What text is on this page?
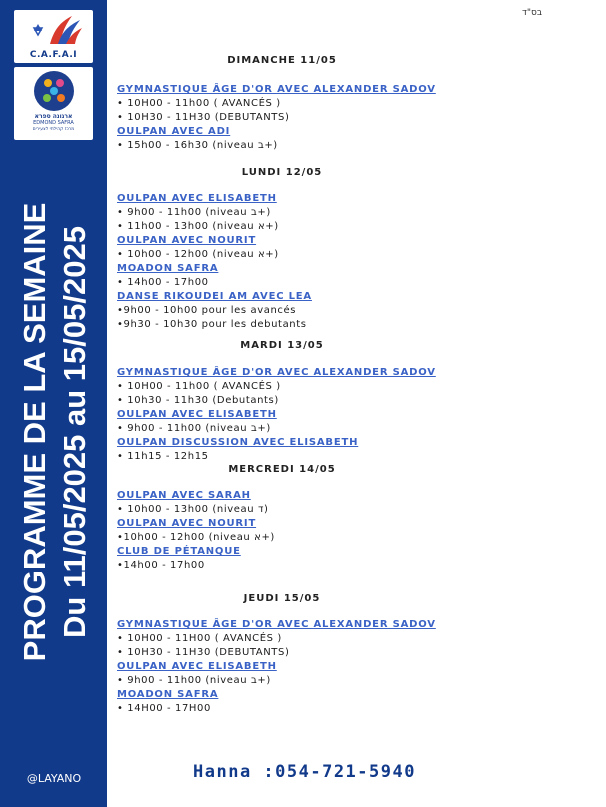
C.A.F.A.I
ארגונה ספרא
EDMOND SAFRA
מרכז קהילתי לצעירים
PROGRAMME DE LA SEMAINE Du 11/05/2025 au 15/05/2025
@LAYANO
בס"ד
DIMANCHE 11/05
GYMNASTIQUE ÂGE D'OR AVEC ALEXANDER SADOV
• 10H00 - 11h00 ( AVANCÉS )
• 10H30 - 11H30 (DEBUTANTS)
OULPAN AVEC ADI
• 15h00 - 16h30 (niveau ב+)
LUNDI 12/05
OULPAN AVEC ELISABETH
• 9h00 - 11h00 (niveau ב+)
• 11h00 - 13h00 (niveau א+)
OULPAN AVEC NOURIT
• 10h00 - 12h00 (niveau א+)
MOADON SAFRA
• 14h00 - 17h00
DANSE RIKOUDEI AM AVEC LEA
•9h00 - 10h00 pour les avancés
•9h30 - 10h30 pour les debutants
MARDI 13/05
GYMNASTIQUE ÂGE D'OR AVEC ALEXANDER SADOV
• 10H00 - 11h00 ( AVANCÉS )
• 10h30 - 11h30 (Debutants)
OULPAN AVEC ELISABETH
• 9h00 - 11h00 (niveau ב+)
OULPAN DISCUSSION AVEC ELISABETH
• 11h15 - 12h15
MERCREDI 14/05
OULPAN AVEC SARAH
• 10h00 - 13h00 (niveau ד)
OULPAN AVEC NOURIT
•10h00 - 12h00 (niveau א+)
CLUB DE PÉTANQUE
•14h00 - 17h00
JEUDI 15/05
GYMNASTIQUE ÂGE D'OR AVEC ALEXANDER SADOV
• 10H00 - 11H00 ( AVANCÉS )
• 10H30 - 11H30 (DEBUTANTS)
OULPAN AVEC ELISABETH
• 9h00 - 11h00 (niveau ב+)
MOADON SAFRA
• 14H00 - 17H00
Hanna :054-721-5940
